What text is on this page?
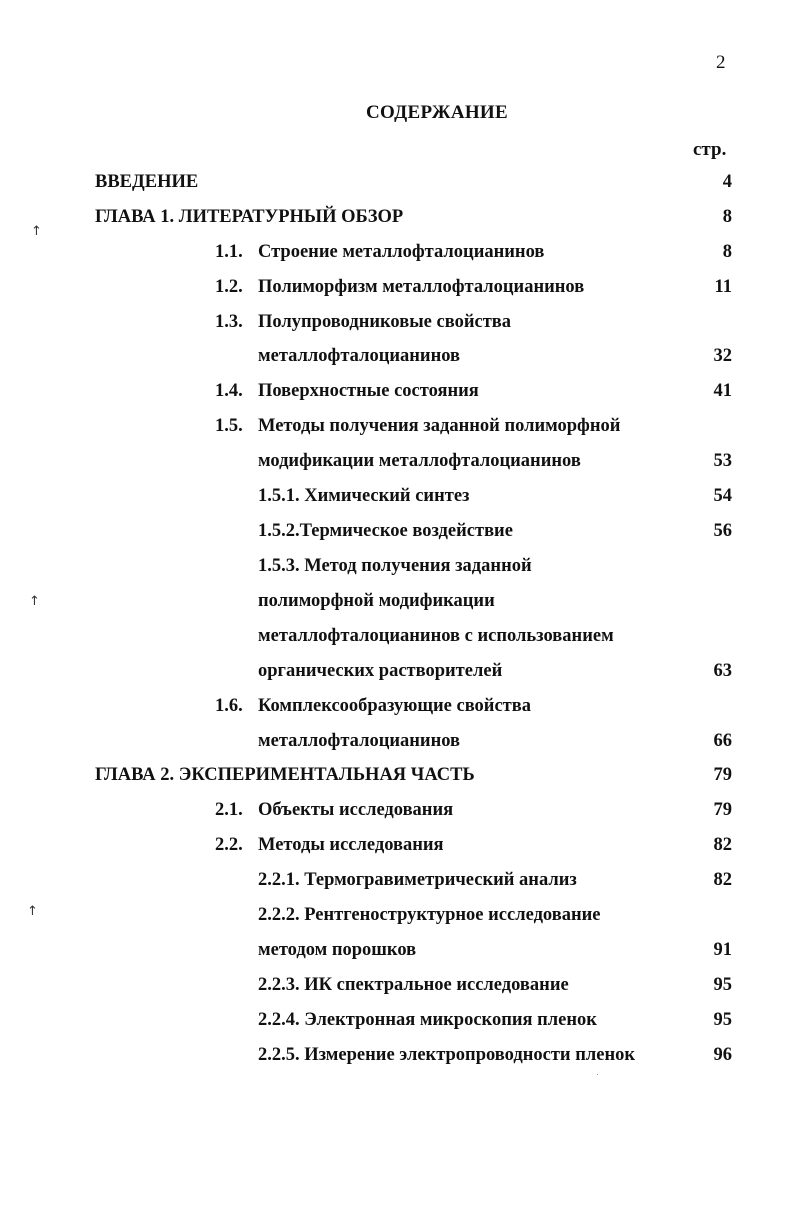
2
СОДЕРЖАНИЕ
стр.
↑
↑
↑
ВВЕДЕНИЕ	4
ГЛАВА 1. ЛИТЕРАТУРНЫЙ ОБЗОР	8
1.1. Строение металлофталоцианинов	8
1.2. Полиморфизм металлофталоцианинов	11
1.3. Полупроводниковые свойства
металлофталоцианинов	32
1.4. Поверхностные состояния	41
1.5. Методы получения заданной полиморфной
модификации металлофталоцианинов	53
1.5.1. Химический синтез	54
1.5.2.Термическое воздействие	56
1.5.3. Метод получения заданной
полиморфной модификации
металлофталоцианинов с использованием
органических растворителей	63
1.6. Комплексообразующие свойства
металлофталоцианинов	66
ГЛАВА 2. ЭКСПЕРИМЕНТАЛЬНАЯ ЧАСТЬ	79
2.1. Объекты исследования	79
2.2. Методы исследования	82
2.2.1. Термогравиметрический анализ	82
2.2.2. Рентгеноструктурное исследование
методом порошков	91
2.2.3. ИК спектральное исследование	95
2.2.4. Электронная микроскопия пленок	95
2.2.5. Измерение электропроводности пленок	96
